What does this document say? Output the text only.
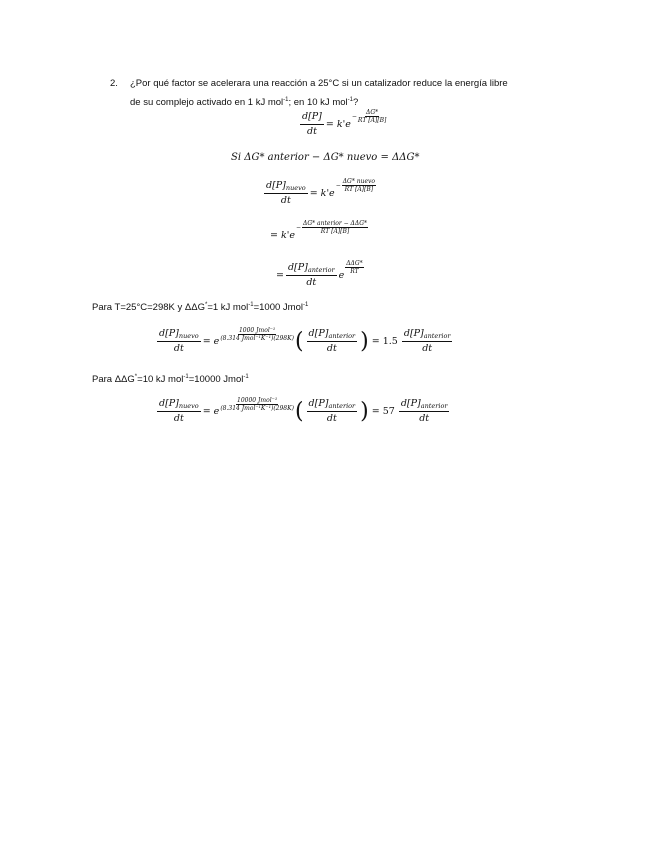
2. ¿Por qué factor se acelerara una reacción a 25°C si un catalizador reduce la energía libre
de su complejo activado en 1 kJ mol$^{-1}$; en 10 kJ mol$^{-1}$?
$\frac{d[P]}{dt} = k'e$
− $\frac{\Delta G*}{RT [A][B]}$
Si ΔG* anterior − ΔG* nuevo = ΔΔG*
$\frac{d[P]_{nuevo}}{dt} = k'e$
−
ΔG* nuevo
RT [A][B]
= k'e
−
ΔG* anterior − ΔΔG*
RT [A][B]
= $\frac{d[P]_{anterior}}{dt}$ e
ΔΔG*
RT
Para T=25°C=298K y ΔΔG*=1 kJ mol$^{-1}$=1000 Jmol$^{-1}$
$\frac{d[P]_{nuevo}}{dt} = e$
1000 Jmol⁻¹
(8.314 Jmol⁻¹K⁻¹)(298K) ( $\frac{d[P]_{anterior}}{dt}$ ) = $1.5 \frac{d[P]_{anterior}}{dt}$
Para ΔΔG*=10 kJ mol$^{-1}$=10000 Jmol$^{-1}$
$\frac{d[P]_{nuevo}}{dt} = e$
10000 Jmol⁻¹
(8.314 Jmol⁻¹K⁻¹)(298K) ( $\frac{d[P]_{anterior}}{dt}$ ) = $57 \frac{d[P]_{anterior}}{dt}$
